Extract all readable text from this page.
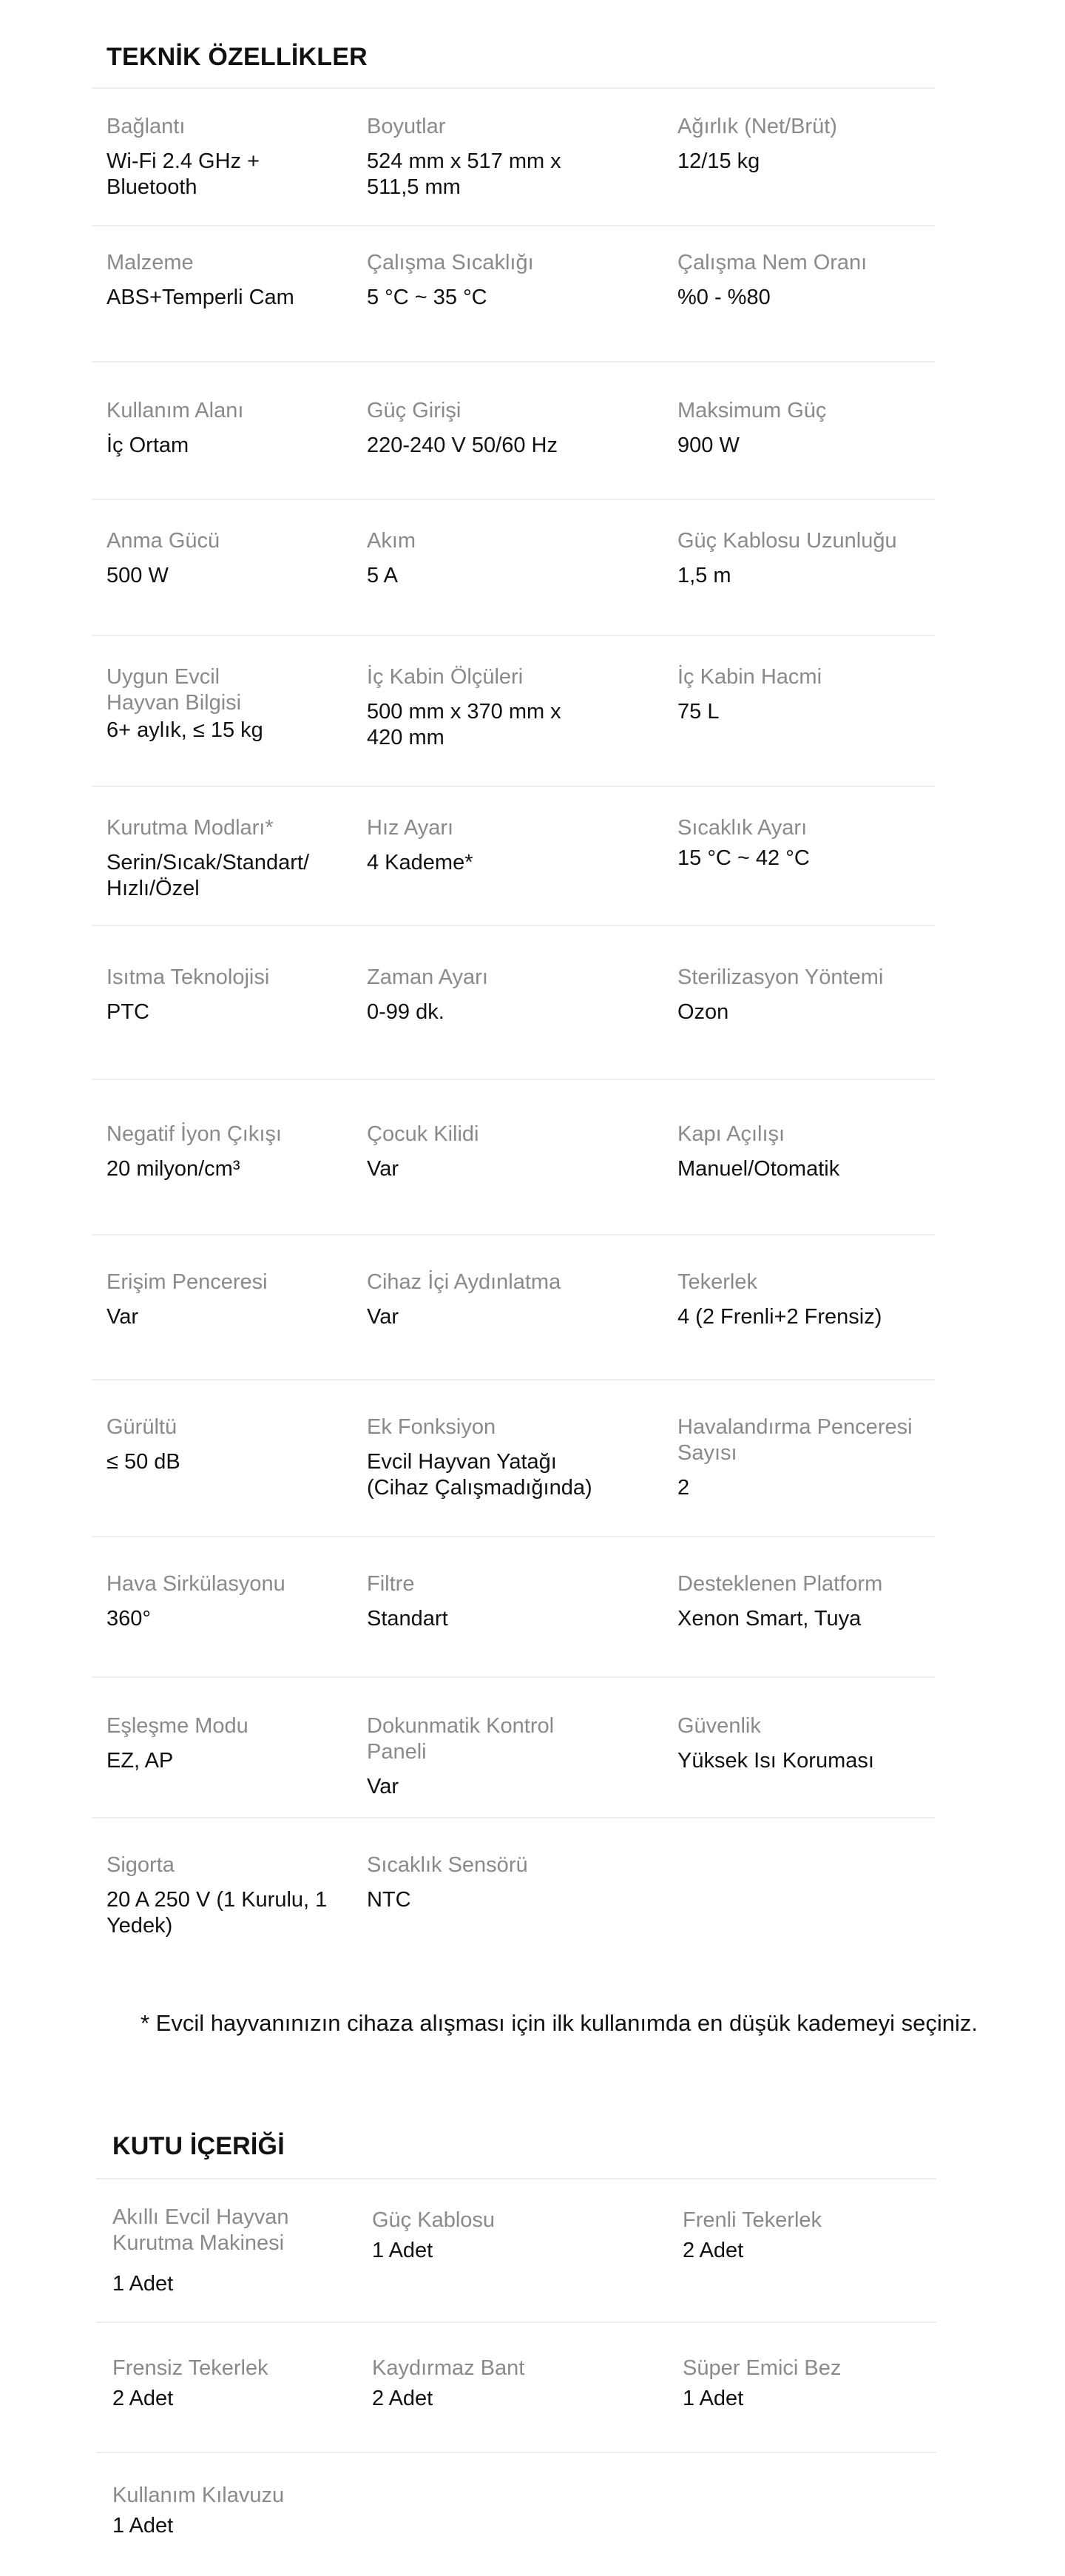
TEKNİK ÖZELLİKLER
Bağlantı
Wi-Fi 2.4 GHz + Bluetooth
Boyutlar
524 mm x 517 mm x 511,5 mm
Ağırlık (Net/Brüt)
12/15 kg
Malzeme
ABS+Temperli Cam
Çalışma Sıcaklığı
5 °C ~ 35 °C
Çalışma Nem Oranı
%0 - %80
Kullanım Alanı
İç Ortam
Güç Girişi
220-240 V 50/60 Hz
Maksimum Güç
900 W
Anma Gücü
500 W
Akım
5 A
Güç Kablosu Uzunluğu
1,5 m
Uygun Evcil Hayvan Bilgisi
6+ aylık, ≤ 15 kg
İç Kabin Ölçüleri
500 mm x 370 mm x 420 mm
İç Kabin Hacmi
75 L
Kurutma Modları*
Serin/Sıcak/Standart/ Hızlı/Özel
Hız Ayarı
4 Kademe*
Sıcaklık Ayarı
15 °C ~ 42 °C
Isıtma Teknolojisi
PTC
Zaman Ayarı
0-99 dk.
Sterilizasyon Yöntemi
Ozon
Negatif İyon Çıkışı
20 milyon/cm³
Çocuk Kilidi
Var
Kapı Açılışı
Manuel/Otomatik
Erişim Penceresi
Var
Cihaz İçi Aydınlatma
Var
Tekerlek
4 (2 Frenli+2 Frensiz)
Gürültü
≤ 50 dB
Ek Fonksiyon
Evcil Hayvan Yatağı (Cihaz Çalışmadığında)
Havalandırma Penceresi Sayısı
2
Hava Sirkülasyonu
360°
Filtre
Standart
Desteklenen Platform
Xenon Smart, Tuya
Eşleşme Modu
EZ, AP
Dokunmatik Kontrol Paneli
Var
Güvenlik
Yüksek Isı Koruması
Sigorta
20 A 250 V (1 Kurulu, 1 Yedek)
Sıcaklık Sensörü
NTC
* Evcil hayvanınızın cihaza alışması için ilk kullanımda en düşük kademeyi seçiniz.
KUTU İÇERİĞİ
Akıllı Evcil Hayvan Kurutma Makinesi
1 Adet
Güç Kablosu
1 Adet
Frenli Tekerlek
2 Adet
Frensiz Tekerlek
2 Adet
Kaydırmaz Bant
2 Adet
Süper Emici Bez
1 Adet
Kullanım Kılavuzu
1 Adet
